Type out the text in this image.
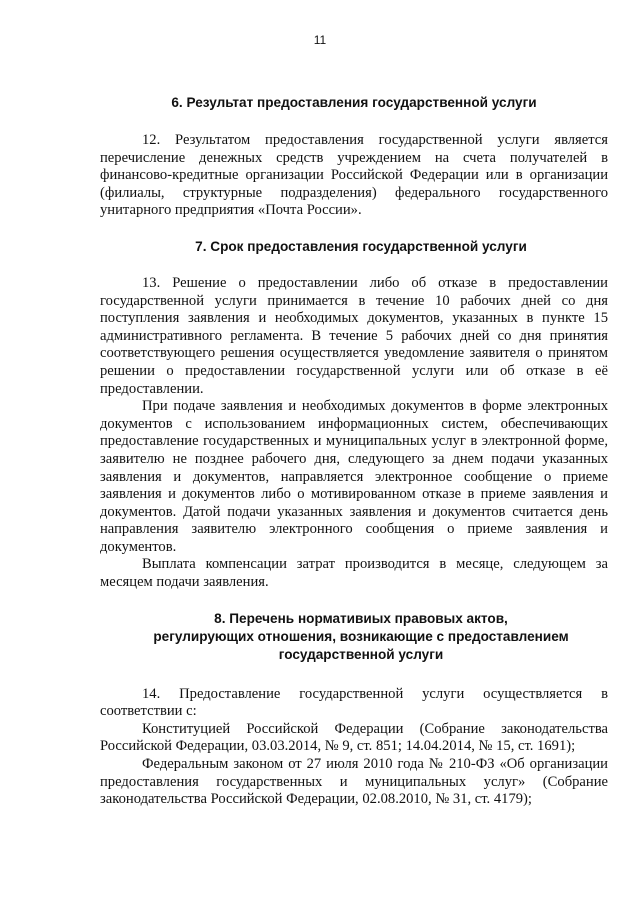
11
6. Результат предоставления государственной услуги

12. Результатом предоставления государственной услуги является перечисление денежных средств учреждением на счета получателей в финансово-кредитные организации Российской Федерации или в организации (филиалы, структурные подразделения) федерального государственного унитарного предприятия «Почта России».

7. Срок предоставления государственной услуги

13. Решение о предоставлении либо об отказе в предоставлении государственной услуги принимается в течение 10 рабочих дней со дня поступления заявления и необходимых документов, указанных в пункте 15 административного регламента. В течение 5 рабочих дней со дня принятия соответствующего решения осуществляется уведомление заявителя о принятом решении о предоставлении государственной услуги или об отказе в её предоставлении.

При подаче заявления и необходимых документов в форме электронных документов с использованием информационных систем, обеспечивающих предоставление государственных и муниципальных услуг в электронной форме, заявителю не позднее рабочего дня, следующего за днем подачи указанных заявления и документов, направляется электронное сообщение о приеме заявления и документов либо о мотивированном отказе в приеме заявления и документов. Датой подачи указанных заявления и документов считается день направления заявителю электронного сообщения о приеме заявления и документов.

Выплата компенсации затрат производится в месяце, следующем за месяцем подачи заявления.

8. Перечень нормативиых правовых актов,
регулирующих отношения, возникающие с предоставлением
государственной услуги

14. Предоставление государственной услуги осуществляется в соответствии с:

Конституцией Российской Федерации (Собрание законодательства Российской Федерации, 03.03.2014, № 9, ст. 851; 14.04.2014, № 15, ст. 1691);

Федеральным законом от 27 июля 2010 года № 210-ФЗ «Об организации предоставления государственных и муниципальных услуг» (Собрание законодательства Российской Федерации, 02.08.2010, № 31, ст. 4179);
